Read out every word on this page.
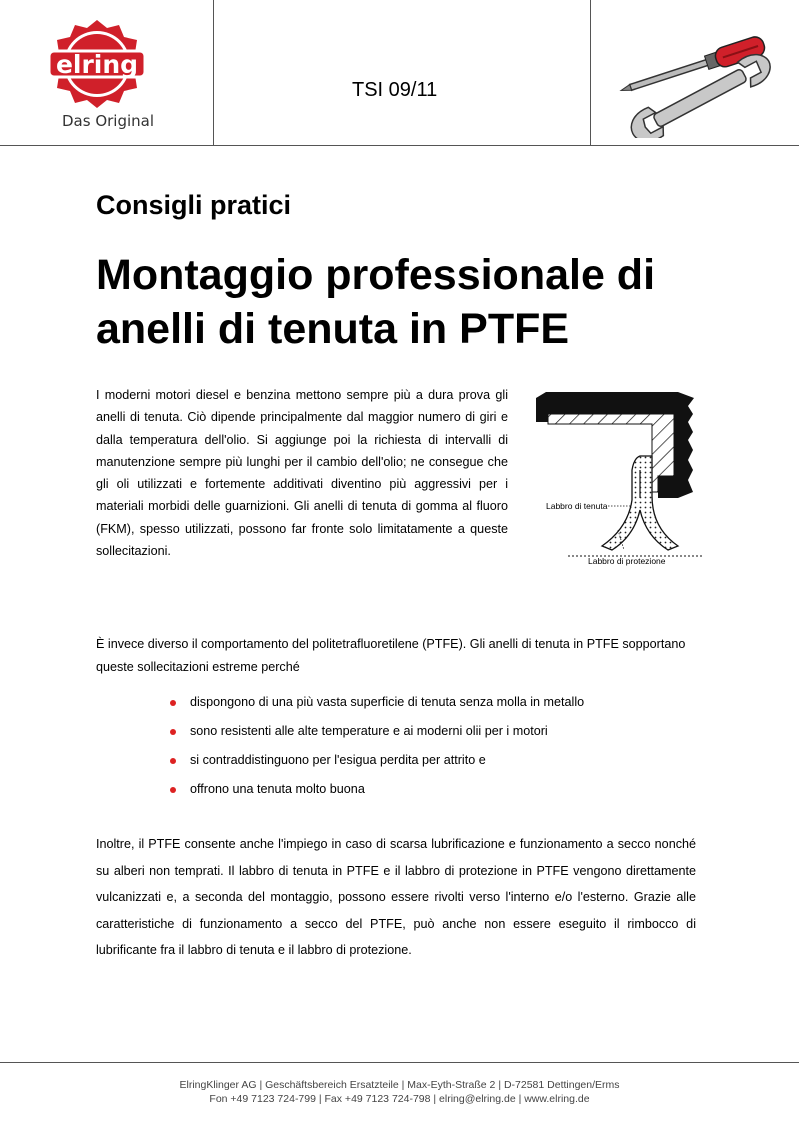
elring
Das Original
TSI 09/11
Consigli pratici
Montaggio professionale di
anelli di tenuta in PTFE
I moderni motori diesel e benzina mettono sempre più a dura prova gli anelli di tenuta. Ciò dipende principalmente dal maggior numero di giri e dalla temperatura dell'olio. Si aggiunge poi la richiesta di intervalli di manutenzione sempre più lunghi per il cambio dell'olio; ne consegue che gli oli utilizzati e fortemente additivati diventino più aggressivi per i materiali morbidi delle guarnizioni. Gli anelli di tenuta di gomma al fluoro (FKM), spesso utilizzati, possono far fronte solo limitatamente a queste sollecitazioni.
Labbro di tenuta
Labbro di protezione
È invece diverso il comportamento del politetrafluoretilene (PTFE). Gli anelli di tenuta in PTFE sopportano queste sollecitazioni estreme perché
dispongono di una più vasta superficie di tenuta senza molla in metallo
sono resistenti alle alte temperature e ai moderni olii per i motori
si contraddistinguono per l'esigua perdita per attrito e
offrono una tenuta molto buona
Inoltre, il PTFE consente anche l'impiego in caso di scarsa lubrificazione e funzionamento a secco nonché su alberi non temprati. Il labbro di tenuta in PTFE e il labbro di protezione in PTFE vengono direttamente vulcanizzati e, a seconda del montaggio, possono essere rivolti verso l'interno e/o l'esterno. Grazie alle caratteristiche di funzionamento a secco del PTFE, può anche non essere eseguito il rimbocco di lubrificante fra il labbro di tenuta e il labbro di protezione.
ElringKlinger AG | Geschäftsbereich Ersatzteile | Max-Eyth-Straße 2 | D-72581 Dettingen/Erms
Fon +49 7123 724-799 | Fax +49 7123 724-798 | elring@elring.de | www.elring.de
